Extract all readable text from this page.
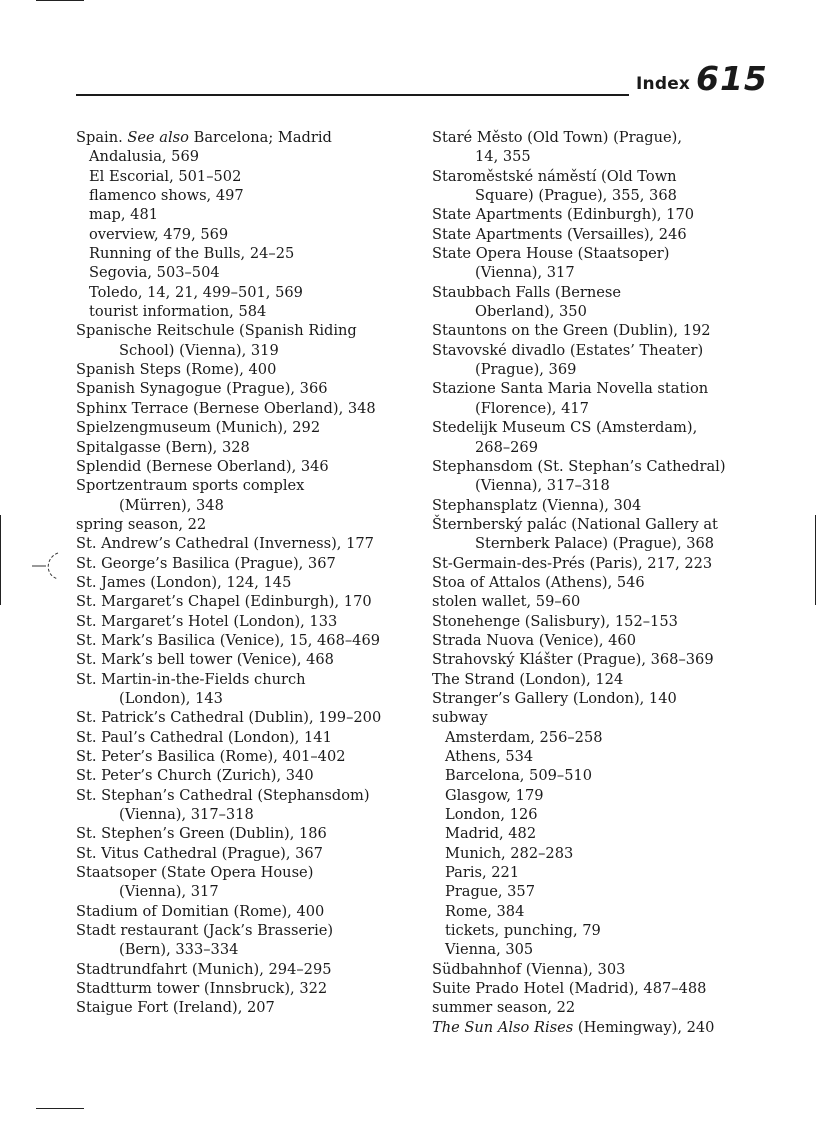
Index 615
Spain. See also Barcelona; Madrid
Andalusia, 569
El Escorial, 501–502
flamenco shows, 497
map, 481
overview, 479, 569
Running of the Bulls, 24–25
Segovia, 503–504
Toledo, 14, 21, 499–501, 569
tourist information, 584
Spanische Reitschule (Spanish Riding
School) (Vienna), 319
Spanish Steps (Rome), 400
Spanish Synagogue (Prague), 366
Sphinx Terrace (Bernese Oberland), 348
Spielzengmuseum (Munich), 292
Spitalgasse (Bern), 328
Splendid (Bernese Oberland), 346
Sportzentraum sports complex
(Mürren), 348
spring season, 22
St. Andrew’s Cathedral (Inverness), 177
St. George’s Basilica (Prague), 367
St. James (London), 124, 145
St. Margaret’s Chapel (Edinburgh), 170
St. Margaret’s Hotel (London), 133
St. Mark’s Basilica (Venice), 15, 468–469
St. Mark’s bell tower (Venice), 468
St. Martin-in-the-Fields church
(London), 143
St. Patrick’s Cathedral (Dublin), 199–200
St. Paul’s Cathedral (London), 141
St. Peter’s Basilica (Rome), 401–402
St. Peter’s Church (Zurich), 340
St. Stephan’s Cathedral (Stephansdom)
(Vienna), 317–318
St. Stephen’s Green (Dublin), 186
St. Vitus Cathedral (Prague), 367
Staatsoper (State Opera House)
(Vienna), 317
Stadium of Domitian (Rome), 400
Stadt restaurant (Jack’s Brasserie)
(Bern), 333–334
Stadtrundfahrt (Munich), 294–295
Stadtturm tower (Innsbruck), 322
Staigue Fort (Ireland), 207
Staré Město (Old Town) (Prague),
14, 355
Staroměstské náměstí (Old Town
Square) (Prague), 355, 368
State Apartments (Edinburgh), 170
State Apartments (Versailles), 246
State Opera House (Staatsoper)
(Vienna), 317
Staubbach Falls (Bernese
Oberland), 350
Stauntons on the Green (Dublin), 192
Stavovské divadlo (Estates’ Theater)
(Prague), 369
Stazione Santa Maria Novella station
(Florence), 417
Stedelijk Museum CS (Amsterdam),
268–269
Stephansdom (St. Stephan’s Cathedral)
(Vienna), 317–318
Stephansplatz (Vienna), 304
Šternberský palác (National Gallery at
Sternberk Palace) (Prague), 368
St-Germain-des-Prés (Paris), 217, 223
Stoa of Attalos (Athens), 546
stolen wallet, 59–60
Stonehenge (Salisbury), 152–153
Strada Nuova (Venice), 460
Strahovský Klášter (Prague), 368–369
The Strand (London), 124
Stranger’s Gallery (London), 140
subway
Amsterdam, 256–258
Athens, 534
Barcelona, 509–510
Glasgow, 179
London, 126
Madrid, 482
Munich, 282–283
Paris, 221
Prague, 357
Rome, 384
tickets, punching, 79
Vienna, 305
Südbahnhof (Vienna), 303
Suite Prado Hotel (Madrid), 487–488
summer season, 22
The Sun Also Rises (Hemingway), 240
